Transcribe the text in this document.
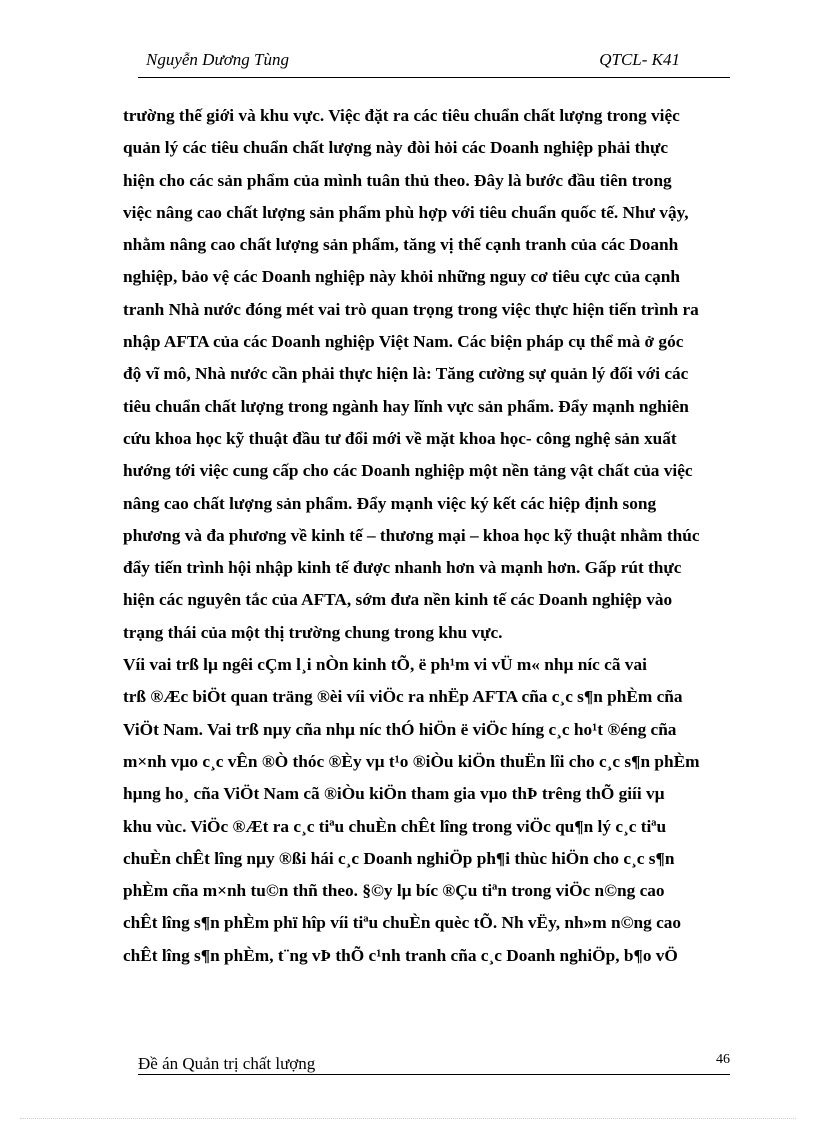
Nguyễn Dương Tùng	QTCL- K41
trường thế giới và khu vực. Việc đặt ra các tiêu chuẩn chất lượng trong việc
quản lý các tiêu chuẩn chất lượng này đòi hỏi các Doanh nghiệp phải thực
hiện cho các sản phẩm của mình tuân thủ theo. Đây là bước đầu tiên trong
việc nâng cao chất lượng sản phẩm phù hợp với tiêu chuẩn quốc tế. Như vậy,
nhằm nâng cao chất lượng sản phẩm, tăng vị thế cạnh tranh của các Doanh
nghiệp, bảo vệ các Doanh nghiệp này khỏi những nguy cơ tiêu cực của cạnh
tranh Nhà nước đóng mét vai trò quan trọng trong việc thực hiện tiến trình ra
nhập AFTA của các Doanh nghiệp Việt Nam. Các biện pháp cụ thể mà ở góc
độ vĩ mô, Nhà nước cần phải thực hiện là: Tăng cường sự quản lý đối với các
tiêu chuẩn chất lượng trong ngành hay lĩnh vực sản phẩm. Đẩy mạnh nghiên
cứu khoa học kỹ thuật đầu tư đổi mới về mặt khoa học- công nghệ sản xuất
hướng tới việc cung cấp cho các Doanh nghiệp một nền tảng vật chất của việc
nâng cao chất lượng sản phẩm. Đẩy mạnh việc ký kết các hiệp định song
phương và đa phương về kinh tế – thương mại – khoa học kỹ thuật nhằm thúc
đẩy tiến trình hội nhập kinh tế được nhanh hơn và mạnh hơn. Gấp rút thực
hiện các nguyên tắc của AFTA, sớm đưa nền kinh tế các Doanh nghiệp vào
trạng thái của một thị trường chung trong khu vực.
Víi vai trß lµ ngêi cÇm l¸i nÒn kinh tÕ, ë ph¹m vi vÜ m« nhµ níc cã vai
trß ®Æc biÖt quan träng ®èi víi viÖc ra nhËp AFTA cña c¸c s¶n phÈm cña
ViÖt Nam. Vai trß nµy cña nhµ níc thÓ hiÖn ë viÖc híng c¸c ho¹t ®éng cña
m×nh vµo c¸c vÊn ®Ò thóc ®Èy vµ t¹o ®iÒu kiÖn thuËn lîi cho c¸c s¶n phÈm
hµng ho¸ cña ViÖt Nam cã ®iÒu kiÖn tham gia vµo thÞ trêng thÕ giíi vµ
khu vùc. ViÖc ®Æt ra c¸c tiªu chuÈn chÊt lîng trong viÖc qu¶n lý c¸c tiªu
chuÈn chÊt lîng nµy ®ßi hái c¸c Doanh nghiÖp ph¶i thùc hiÖn cho c¸c s¶n
phÈm cña m×nh tu©n thñ theo. §©y lµ bíc ®Çu tiªn trong viÖc n©ng cao
chÊt lîng s¶n phÈm phï hîp víi tiªu chuÈn quèc tÕ. Nh vËy, nh»m n©ng cao
chÊt lîng s¶n phÈm, t¨ng vÞ thÕ c¹nh tranh cña c¸c Doanh nghiÖp, b¶o vÖ
Đề án Quản trị chất lượng	46
